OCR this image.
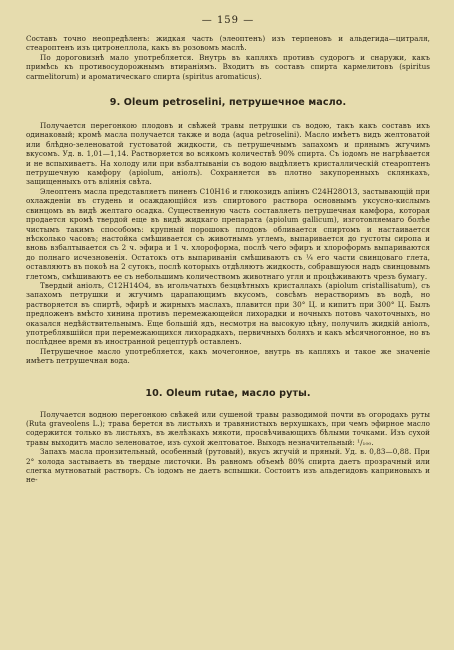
— 159 —

Составъ точно неопредѣленъ: жидкая часть (элеоптенъ) изъ терпеновъ и альдегида—цитраля, стеароптенъ изъ цитронеллола, какъ въ розовомъ маслѣ.

По дороговизнѣ мало употребляется. Внутрь въ капляхъ противъ судорогъ и снаружи, какъ примѣсь къ противосудорожнымъ втираніямъ. Входитъ въ составъ спирта кармелитовъ (spiritus carmelitorum) и ароматическаго спирта (spiritus aromaticus).

9. Oleum petroselini, петрушечное масло.

Получается перегонкою плодовъ и свѣжей травы петрушки съ водою, такъ какъ составъ ихъ одинаковый; кромѣ масла получается также и вода (aqua petroselini). Масло имѣетъ видъ желтоватой или блѣдно-зеленоватой густоватой жидкости, съ петрушечнымъ запахомъ и прянымъ жгучимъ вкусомъ. Уд. в. 1,01—1,14. Растворяется во всякомъ количествѣ 90% спирта. Съ іодомъ не нагрѣвается и не вспыхиваетъ. На холоду или при взбалтываніи съ водою выдѣляетъ кристаллическій стеароптенъ петрушечную камфору (apiolum, аніолъ). Сохраняется въ плотно закупоренныхъ склянкахъ, защищенныхъ отъ вліянія свѣта.

Элеоптенъ масла представляетъ пиненъ C10H16 и глюкозидъ апіинъ C24H28O13, застывающій при охлажденіи въ студень и осаждающійся изъ спиртового раствора основнымъ уксусно-кислымъ свинцомъ въ видѣ желтаго осадка. Существенную часть составляетъ петрушечная камфора, которая продается кромѣ твердой еще въ видѣ жидкаго препарата (apiolum gallicum), изготовляемаго болѣе чистымъ такимъ способомъ: крупный порошокъ плодовъ обливается спиртомъ и настаивается нѣсколько часовъ; настойка смѣшивается съ животнымъ углемъ, выпаривается до густоты сиропа и вновь взбалтывается съ 2 ч. эфира и 1 ч. хлороформа, послѣ чего эфиръ и хлороформъ выпариваются до полнаго исчезновенія. Остатокъ отъ выпариванія смѣшиваютъ съ ¼ его части свинцоваго глета, оставляютъ въ покоѣ на 2 сутокъ, послѣ которыхъ отдѣляютъ жидкость, собравшуюся надъ свинцовымъ глетомъ, смѣшиваютъ ее съ небольшимъ количествомъ животнаго угля и процѣживаютъ чрезъ бумагу.

Твердый аніолъ, C12H14O4, въ игольчатыхъ безцвѣтныхъ кристаллахъ (apiolum cristallisatum), съ запахомъ петрушки и жгучимъ царапающимъ вкусомъ, совсѣмъ нерастворимъ въ водѣ, но растворяется въ спиртѣ, эфирѣ и жирныхъ маслахъ, плавится при 30° Ц. и кипитъ при 300° Ц. Былъ предложенъ вмѣсто хинина противъ перемежающейся лихорадки и ночныхъ потовъ чахоточныхъ, но оказался недѣйствительнымъ. Еще большій ядъ, несмотря на высокую цѣну, получилъ жидкій аніолъ, употреблявшійся при перемежающихся лихорадкахъ, первичныхъ боляхъ и какъ мѣсячногонное, но въ послѣднее время въ иностранной рецептурѣ оставленъ.

Петрушечное масло употребляется, какъ мочегонное, внутрь въ капляхъ и такое же значеніе имѣетъ петрушечная вода.

10. Oleum rutae, масло руты.

Получается водною перегонкою свѣжей или сушеной травы разводимой почти въ огородахъ руты (Ruta graveolens L.); трава берется въ листьяхъ и травянистыхъ верхушкахъ, при чемъ эфирное масло содержится только въ листьяхъ, въ желѣзкахъ мякоти, просвѣчивающихъ бѣлыми точками. Изъ сухой травы выходитъ масло зеленоватое, изъ сухой желтоватое. Выходъ незначительный: ¹/₁₀₀.

Запахъ масла пронзительный, особенный (рутовый), вкусъ жгучій и пряный. Уд. в. 0,83—0,88. При 2° холода застываетъ въ твердые листочки. Въ равномъ объемѣ 80% спирта даетъ прозрачный или слегка мутноватый растворъ. Съ іодомъ не даетъ вспышки. Состоитъ изъ альдегидовъ каприновыхъ и не-
